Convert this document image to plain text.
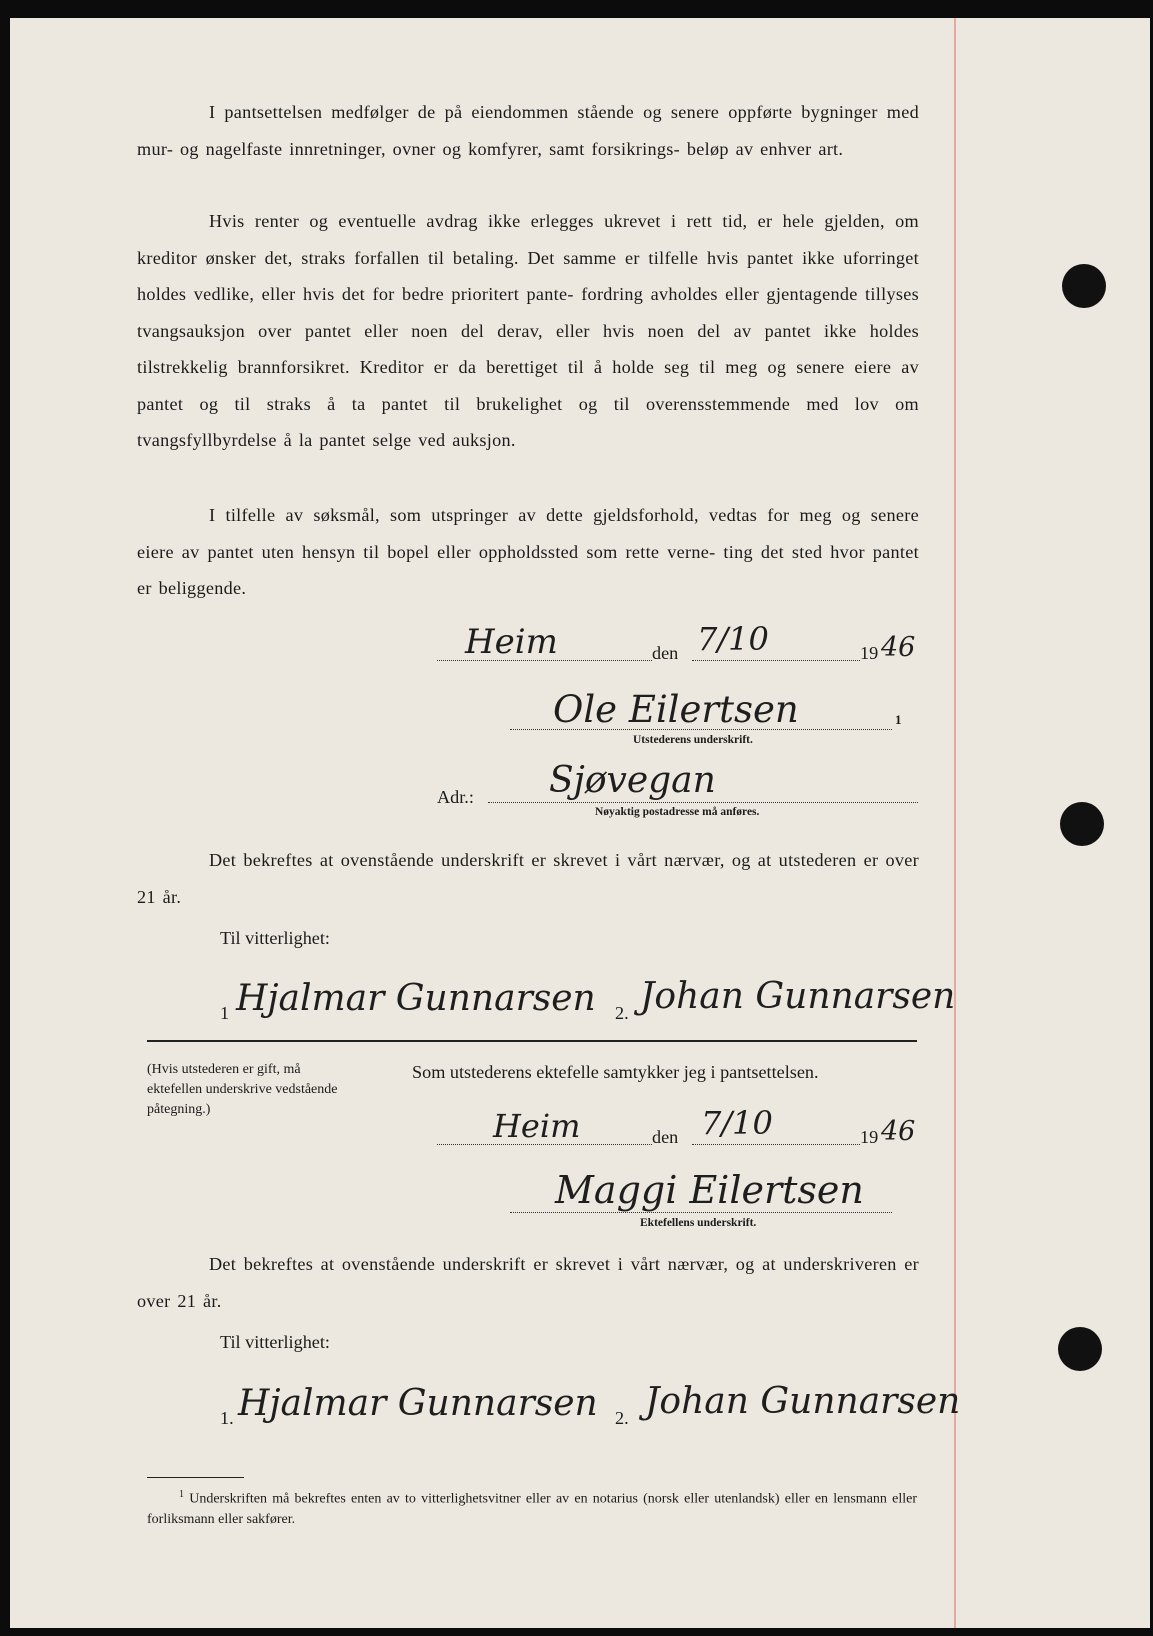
I pantsettelsen medfølger de på eiendommen stående og senere oppførte bygninger med mur- og nagelfaste innretninger, ovner og komfyrer, samt forsikrings- beløp av enhver art.
Hvis renter og eventuelle avdrag ikke erlegges ukrevet i rett tid, er hele gjelden, om kreditor ønsker det, straks forfallen til betaling. Det samme er tilfelle hvis pantet ikke uforringet holdes vedlike, eller hvis det for bedre prioritert pante- fordring avholdes eller gjentagende tillyses tvangsauksjon over pantet eller noen del derav, eller hvis noen del av pantet ikke holdes tilstrekkelig brannforsikret. Kreditor er da berettiget til å holde seg til meg og senere eiere av pantet og til straks å ta pantet til brukelighet og til overensstemmende med lov om tvangsfyllbyrdelse å la pantet selge ved auksjon.
I tilfelle av søksmål, som utspringer av dette gjeldsforhold, vedtas for meg og senere eiere av pantet uten hensyn til bopel eller oppholdssted som rette verne- ting det sted hvor pantet er beliggende.
Heim	den 7/10	19 46
Ole Eilertsen	1
Utstederens underskrift.
Adr.: Sjøvegan
Nøyaktig postadresse må anføres.
Det bekreftes at ovenstående underskrift er skrevet i vårt nærvær, og at utstederen er over 21 år.
Til vitterlighet:
1 Hjalmar Gunnarsen 2. Johan Gunnarsen
(Hvis utstederen er gift, må ektefellen underskrive vedstående påtegning.)
Som utstederens ektefelle samtykker jeg i pantsettelsen.
Heim	den 7/10	19 46
Maggi Eilertsen
Ektefellens underskrift.
Det bekreftes at ovenstående underskrift er skrevet i vårt nærvær, og at underskriveren er over 21 år.
Til vitterlighet:
1. Hjalmar Gunnarsen 2. Johan Gunnarsen
$^1$ Underskriften må bekreftes enten av to vitterlighetsvitner eller av en notarius (norsk eller utenlandsk) eller en lensmann eller forliksmann eller sakfører.
